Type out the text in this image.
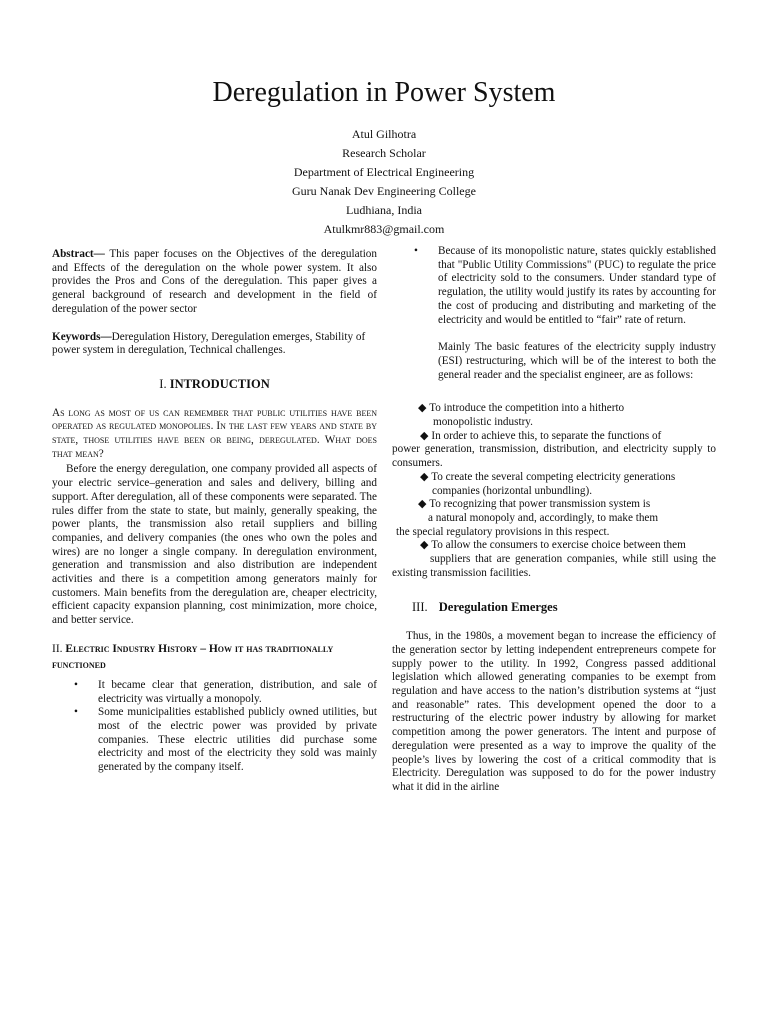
Deregulation in Power System
Atul Gilhotra
Research Scholar
Department of Electrical Engineering
Guru Nanak Dev Engineering College
Ludhiana, India
Atulkmr883@gmail.com

Abstract— This paper focuses on the Objectives of the deregulation and Effects of the deregulation on the whole power system. It also provides the Pros and Cons of the deregulation. This paper gives a general background of research and development in the field of deregulation of the power sector

Keywords—Deregulation History, Deregulation emerges, Stability of power system in deregulation, Technical challenges.

I. INTRODUCTION

As long as most of us can remember that public utilities have been operated as regulated monopolies. In the last few years and state by state, those utilities have been or being, deregulated. What does that mean?

Before the energy deregulation, one company provided all aspects of your electric service–generation and sales and delivery, billing and support. After deregulation, all of these components were separated. The rules differ from the state to state, but mainly, generally speaking, the power plants, the transmission also retail suppliers and billing companies, and delivery companies (the ones who own the poles and wires) are no longer a single company. In deregulation environment, generation and transmission and also distribution are independent activities and there is a competition among generators mainly for customers. Main benefits from the deregulation are, cheaper electricity, efficient capacity expansion planning, cost minimization, more choice, and better service.

II. Electric Industry History – How it has traditionally functioned

• It became clear that generation, distribution, and sale of electricity was virtually a monopoly.

• Some municipalities established publicly owned utilities, but most of the electric power was provided by private companies. These electric utilities did purchase some electricity and most of the electricity they sold was mainly generated by the company itself.

• Because of its monopolistic nature, states quickly established that "Public Utility Commissions" (PUC) to regulate the price of electricity sold to the consumers. Under standard type of regulation, the utility would justify its rates by accounting for the cost of producing and distributing and marketing of the electricity and would be entitled to “fair” rate of return.

Mainly The basic features of the electricity supply industry (ESI) restructuring, which will be of the interest to both the general reader and the specialist engineer, are as follows:

◆ To introduce the competition into a hitherto

monopolistic industry.

◆ In order to achieve this, to separate the functions of

power generation, transmission, distribution, and electricity supply to consumers.

◆ To create the several competing electricity generations

companies (horizontal unbundling).

◆ To recognizing that power transmission system is

a natural monopoly and, accordingly, to make them

the special regulatory provisions in this respect.

◆ To allow the consumers to exercise choice between them

suppliers that are generation companies, while still using the existing transmission facilities.

III. Deregulation Emerges

Thus, in the 1980s, a movement began to increase the efficiency of the generation sector by letting independent entrepreneurs compete for supply power to the utility. In 1992, Congress passed additional legislation which allowed generating companies to be exempt from regulation and have access to the nation’s distribution systems at “just and reasonable” rates. This development opened the door to a restructuring of the electric power industry by allowing for market competition among the power generators. The intent and purpose of deregulation were presented as a way to improve the quality of the people’s lives by lowering the cost of a critical commodity that is Electricity. Deregulation was supposed to do for the power industry what it did in the airline
